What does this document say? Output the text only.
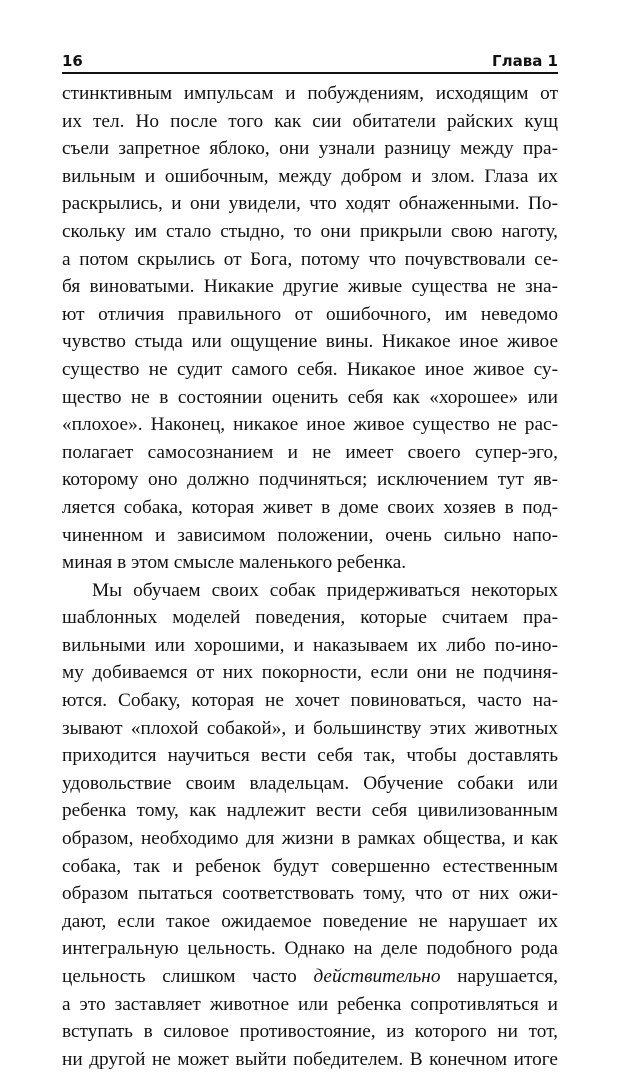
16	Глава 1

стинктивным импульсам и побуждениям, исходящим от
их тел. Но после того как сии обитатели райских кущ
съели запретное яблоко, они узнали разницу между пра-
вильным и ошибочным, между добром и злом. Глаза их
раскрылись, и они увидели, что ходят обнаженными. По-
скольку им стало стыдно, то они прикрыли свою наготу,
а потом скрылись от Бога, потому что почувствовали се-
бя виноватыми. Никакие другие живые существа не зна-
ют отличия правильного от ошибочного, им неведомо
чувство стыда или ощущение вины. Никакое иное живое
существо не судит самого себя. Никакое иное живое су-
щество не в состоянии оценить себя как «хорошее» или
«плохое». Наконец, никакое иное живое существо не рас-
полагает самосознанием и не имеет своего супер-эго,
которому оно должно подчиняться; исключением тут яв-
ляется собака, которая живет в доме своих хозяев в под-
чиненном и зависимом положении, очень сильно напо-
миная в этом смысле маленького ребенка.

Мы обучаем своих собак придерживаться некоторых
шаблонных моделей поведения, которые считаем пра-
вильными или хорошими, и наказываем их либо по-ино-
му добиваемся от них покорности, если они не подчиня-
ются. Собаку, которая не хочет повиноваться, часто на-
зывают «плохой собакой», и большинству этих животных
приходится научиться вести себя так, чтобы доставлять
удовольствие своим владельцам. Обучение собаки или
ребенка тому, как надлежит вести себя цивилизованным
образом, необходимо для жизни в рамках общества, и как
собака, так и ребенок будут совершенно естественным
образом пытаться соответствовать тому, что от них ожи-
дают, если такое ожидаемое поведение не нарушает их
интегральную цельность. Однако на деле подобного рода
цельность слишком часто действительно нарушается,
а это заставляет животное или ребенка сопротивляться и
вступать в силовое противостояние, из которого ни тот,
ни другой не может выйти победителем. В конечном итоге
